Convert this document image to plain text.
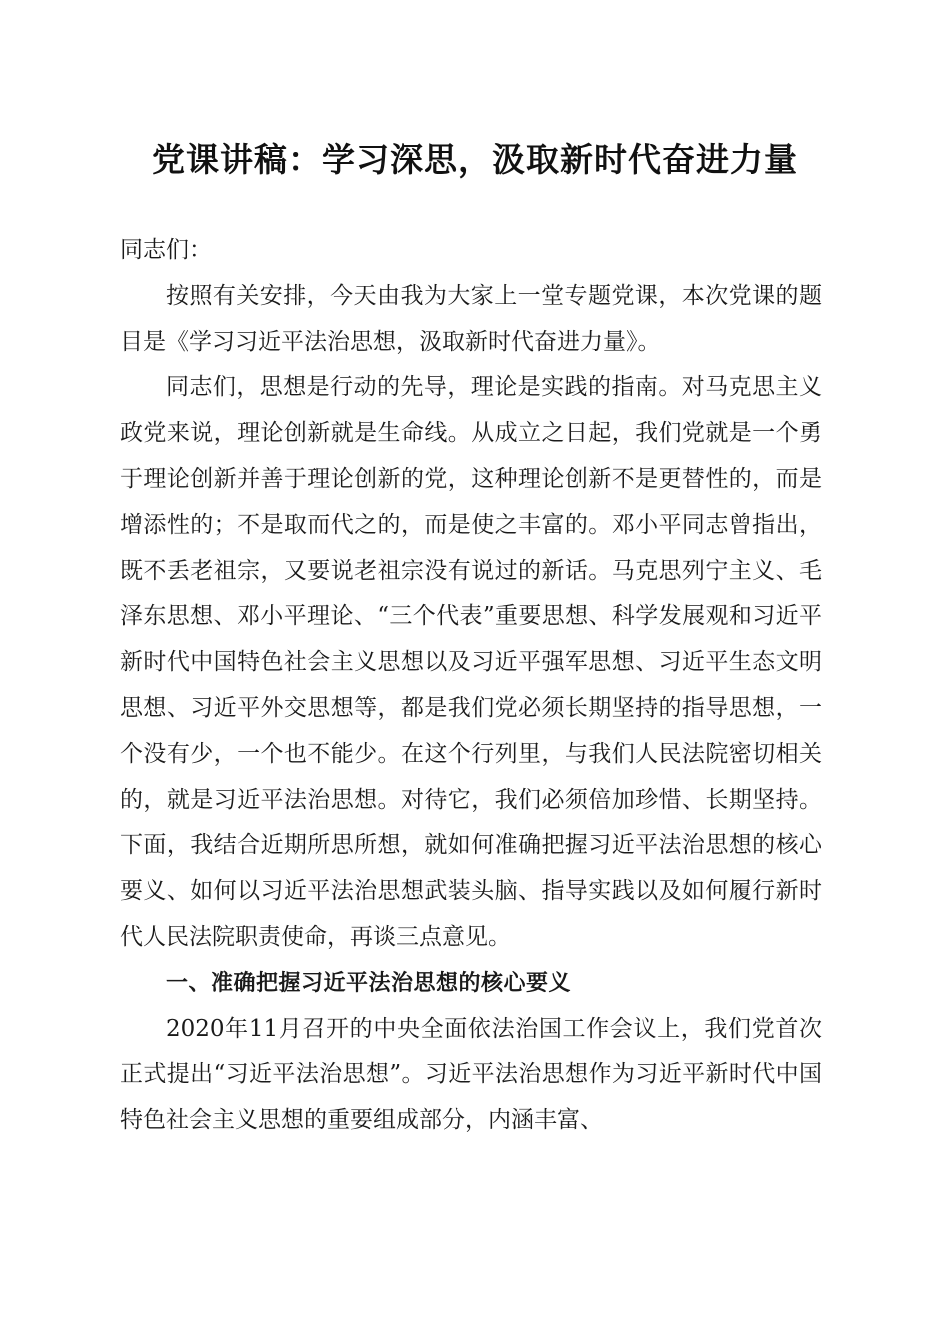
党课讲稿：学习深思，汲取新时代奋进力量

同志们：

按照有关安排，今天由我为大家上一堂专题党课，本次党课的题目是《学习习近平法治思想，汲取新时代奋进力量》。

同志们，思想是行动的先导，理论是实践的指南。对马克思主义政党来说，理论创新就是生命线。从成立之日起，我们党就是一个勇于理论创新并善于理论创新的党，这种理论创新不是更替性的，而是增添性的；不是取而代之的，而是使之丰富的。邓小平同志曾指出，既不丢老祖宗，又要说老祖宗没有说过的新话。马克思列宁主义、毛泽东思想、邓小平理论、“三个代表”重要思想、科学发展观和习近平新时代中国特色社会主义思想以及习近平强军思想、习近平生态文明思想、习近平外交思想等，都是我们党必须长期坚持的指导思想，一个没有少，一个也不能少。在这个行列里，与我们人民法院密切相关的，就是习近平法治思想。对待它，我们必须倍加珍惜、长期坚持。下面，我结合近期所思所想，就如何准确把握习近平法治思想的核心要义、如何以习近平法治思想武装头脑、指导实践以及如何履行新时代人民法院职责使命，再谈三点意见。

一、准确把握习近平法治思想的核心要义

2020年11月召开的中央全面依法治国工作会议上，我们党首次正式提出“习近平法治思想”。习近平法治思想作为习近平新时代中国特色社会主义思想的重要组成部分，内涵丰富、
